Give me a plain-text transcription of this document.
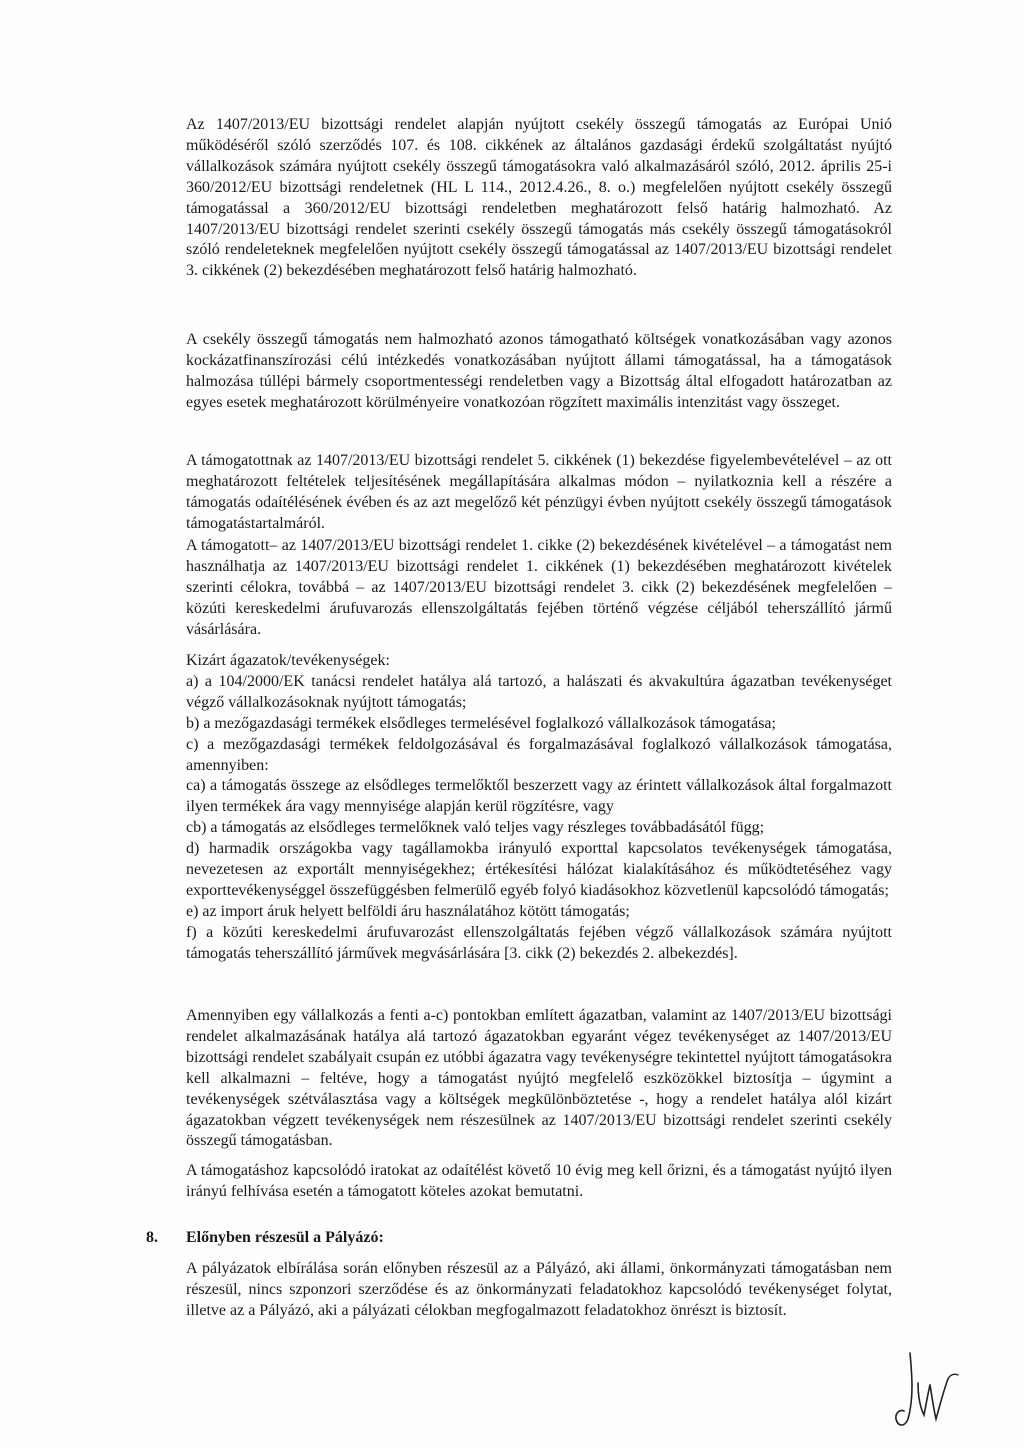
Az 1407/2013/EU bizottsági rendelet alapján nyújtott csekély összegű támogatás az Európai Unió működéséről szóló szerződés 107. és 108. cikkének az általános gazdasági érdekű szolgáltatást nyújtó vállalkozások számára nyújtott csekély összegű támogatásokra való alkalmazásáról szóló, 2012. április 25-i 360/2012/EU bizottsági rendeletnek (HL L 114., 2012.4.26., 8. o.) megfelelően nyújtott csekély összegű támogatással a 360/2012/EU bizottsági rendeletben meghatározott felső határig halmozható. Az 1407/2013/EU bizottsági rendelet szerinti csekély összegű támogatás más csekély összegű támogatásokról szóló rendeleteknek megfelelően nyújtott csekély összegű támogatással az 1407/2013/EU bizottsági rendelet 3. cikkének (2) bekezdésében meghatározott felső határig halmozható.

A csekély összegű támogatás nem halmozható azonos támogatható költségek vonatkozásában vagy azonos kockázatfinanszírozási célú intézkedés vonatkozásában nyújtott állami támogatással, ha a támogatások halmozása túllépi bármely csoportmentességi rendeletben vagy a Bizottság által elfogadott határozatban az egyes esetek meghatározott körülményeire vonatkozóan rögzített maximális intenzitást vagy összeget.

A támogatottnak az 1407/2013/EU bizottsági rendelet 5. cikkének (1) bekezdése figyelembevételével – az ott meghatározott feltételek teljesítésének megállapítására alkalmas módon – nyilatkoznia kell a részére a támogatás odaítélésének évében és az azt megelőző két pénzügyi évben nyújtott csekély összegű támogatások támogatástartalmáról.

A támogatott– az 1407/2013/EU bizottsági rendelet 1. cikke (2) bekezdésének kivételével – a támogatást nem használhatja az 1407/2013/EU bizottsági rendelet 1. cikkének (1) bekezdésében meghatározott kivételek szerinti célokra, továbbá – az 1407/2013/EU bizottsági rendelet 3. cikk (2) bekezdésének megfelelően – közúti kereskedelmi árufuvarozás ellenszolgáltatás fejében történő végzése céljából teherszállító jármű vásárlására.

Kizárt ágazatok/tevékenységek:
a) a 104/2000/EK tanácsi rendelet hatálya alá tartozó, a halászati és akvakultúra ágazatban tevékenységet végző vállalkozásoknak nyújtott támogatás;
b) a mezőgazdasági termékek elsődleges termelésével foglalkozó vállalkozások támogatása;
c) a mezőgazdasági termékek feldolgozásával és forgalmazásával foglalkozó vállalkozások támogatása, amennyiben:
ca) a támogatás összege az elsődleges termelőktől beszerzett vagy az érintett vállalkozások által forgalmazott ilyen termékek ára vagy mennyisége alapján kerül rögzítésre, vagy
cb) a támogatás az elsődleges termelőknek való teljes vagy részleges továbbadásától függ;
d) harmadik országokba vagy tagállamokba irányuló exporttal kapcsolatos tevékenységek támogatása, nevezetesen az exportált mennyiségekhez; értékesítési hálózat kialakításához és működtetéséhez vagy exporttevékenységgel összefüggésben felmerülő egyéb folyó kiadásokhoz közvetlenül kapcsolódó támogatás;
e) az import áruk helyett belföldi áru használatához kötött támogatás;
f) a közúti kereskedelmi árufuvarozást ellenszolgáltatás fejében végző vállalkozások számára nyújtott támogatás teherszállító járművek megvásárlására [3. cikk (2) bekezdés 2. albekezdés].

Amennyiben egy vállalkozás a fenti a-c) pontokban említett ágazatban, valamint az 1407/2013/EU bizottsági rendelet alkalmazásának hatálya alá tartozó ágazatokban egyaránt végez tevékenységet az 1407/2013/EU bizottsági rendelet szabályait csupán ez utóbbi ágazatra vagy tevékenységre tekintettel nyújtott támogatásokra kell alkalmazni – feltéve, hogy a támogatást nyújtó megfelelő eszközökkel biztosítja – úgymint a tevékenységek szétválasztása vagy a költségek megkülönböztetése -, hogy a rendelet hatálya alól kizárt ágazatokban végzett tevékenységek nem részesülnek az 1407/2013/EU bizottsági rendelet szerinti csekély összegű támogatásban.

A támogatáshoz kapcsolódó iratokat az odaítélést követő 10 évig meg kell őrizni, és a támogatást nyújtó ilyen irányú felhívása esetén a támogatott köteles azokat bemutatni.

8. Előnyben részesül a Pályázó:

A pályázatok elbírálása során előnyben részesül az a Pályázó, aki állami, önkormányzati támogatásban nem részesül, nincs szponzori szerződése és az önkormányzati feladatokhoz kapcsolódó tevékenységet folytat, illetve az a Pályázó, aki a pályázati célokban megfogalmazott feladatokhoz önrészt is biztosít.
